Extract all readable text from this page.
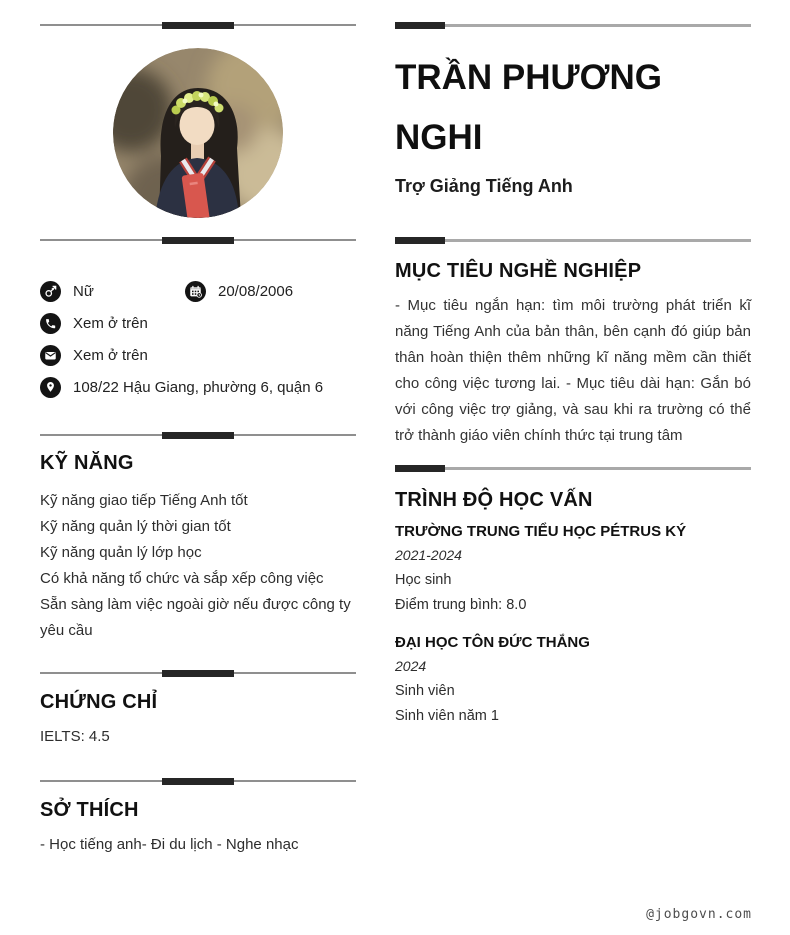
Nữ	20/08/2006
Xem ở trên
Xem ở trên
108/22 Hậu Giang, phường 6, quận 6
KỸ NĂNG
Kỹ năng giao tiếp Tiếng Anh tốt
Kỹ năng quản lý thời gian tốt
Kỹ năng quản lý lớp học
Có khả năng tổ chức và sắp xếp công việc
Sẵn sàng làm việc ngoài giờ nếu được công ty yêu cầu
CHỨNG CHỈ
IELTS: 4.5
SỞ THÍCH
- Học tiếng anh- Đi du lịch - Nghe nhạc
TRẦN PHƯƠNG NGHI
Trợ Giảng Tiếng Anh
MỤC TIÊU NGHỀ NGHIỆP
- Mục tiêu ngắn hạn: tìm môi trường phát triển kĩ năng Tiếng Anh của bản thân, bên cạnh đó giúp bản thân hoàn thiện thêm những kĩ năng mềm cần thiết cho công việc tương lai. - Mục tiêu dài hạn: Gắn bó với công việc trợ giảng, và sau khi ra trường có thể trở thành giáo viên chính thức tại trung tâm
TRÌNH ĐỘ HỌC VẤN
TRƯỜNG TRUNG TIỂU HỌC PÉTRUS KÝ
2021-2024
Học sinh
Điểm trung bình: 8.0
ĐẠI HỌC TÔN ĐỨC THẮNG
2024
Sinh viên
Sinh viên năm 1
@jobgovn.com
